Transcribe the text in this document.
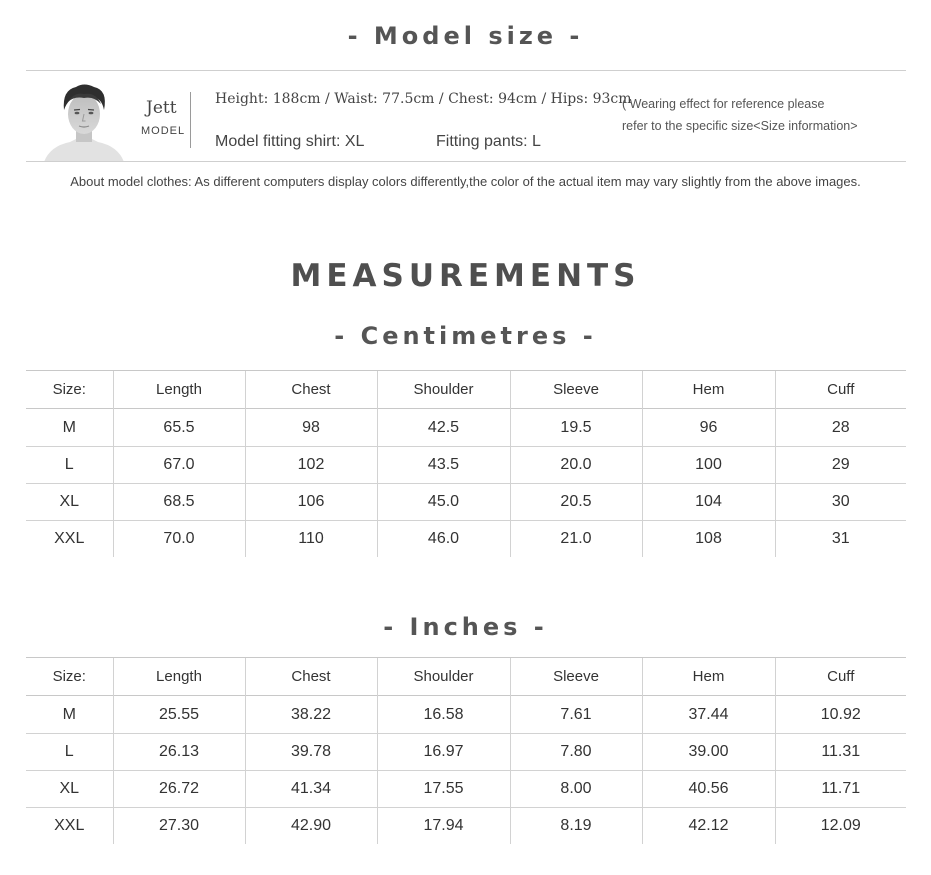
- Model size -
Jett
MODEL
Height: 188cm / Waist: 77.5cm / Chest: 94cm / Hips: 93cm
Model fitting shirt: XL	Fitting pants: L
( Wearing effect for reference please
refer to the specific size<Size information>
About model clothes: As different computers display colors differently,the color of the actual item may vary slightly from the above images.
MEASUREMENTS
- Centimetres -
Size:	Length	Chest	Shoulder	Sleeve	Hem	Cuff
M	65.5	98	42.5	19.5	96	28
L	67.0	102	43.5	20.0	100	29
XL	68.5	106	45.0	20.5	104	30
XXL	70.0	110	46.0	21.0	108	31
- Inches -
Size:	Length	Chest	Shoulder	Sleeve	Hem	Cuff
M	25.55	38.22	16.58	7.61	37.44	10.92
L	26.13	39.78	16.97	7.80	39.00	11.31
XL	26.72	41.34	17.55	8.00	40.56	11.71
XXL	27.30	42.90	17.94	8.19	42.12	12.09
